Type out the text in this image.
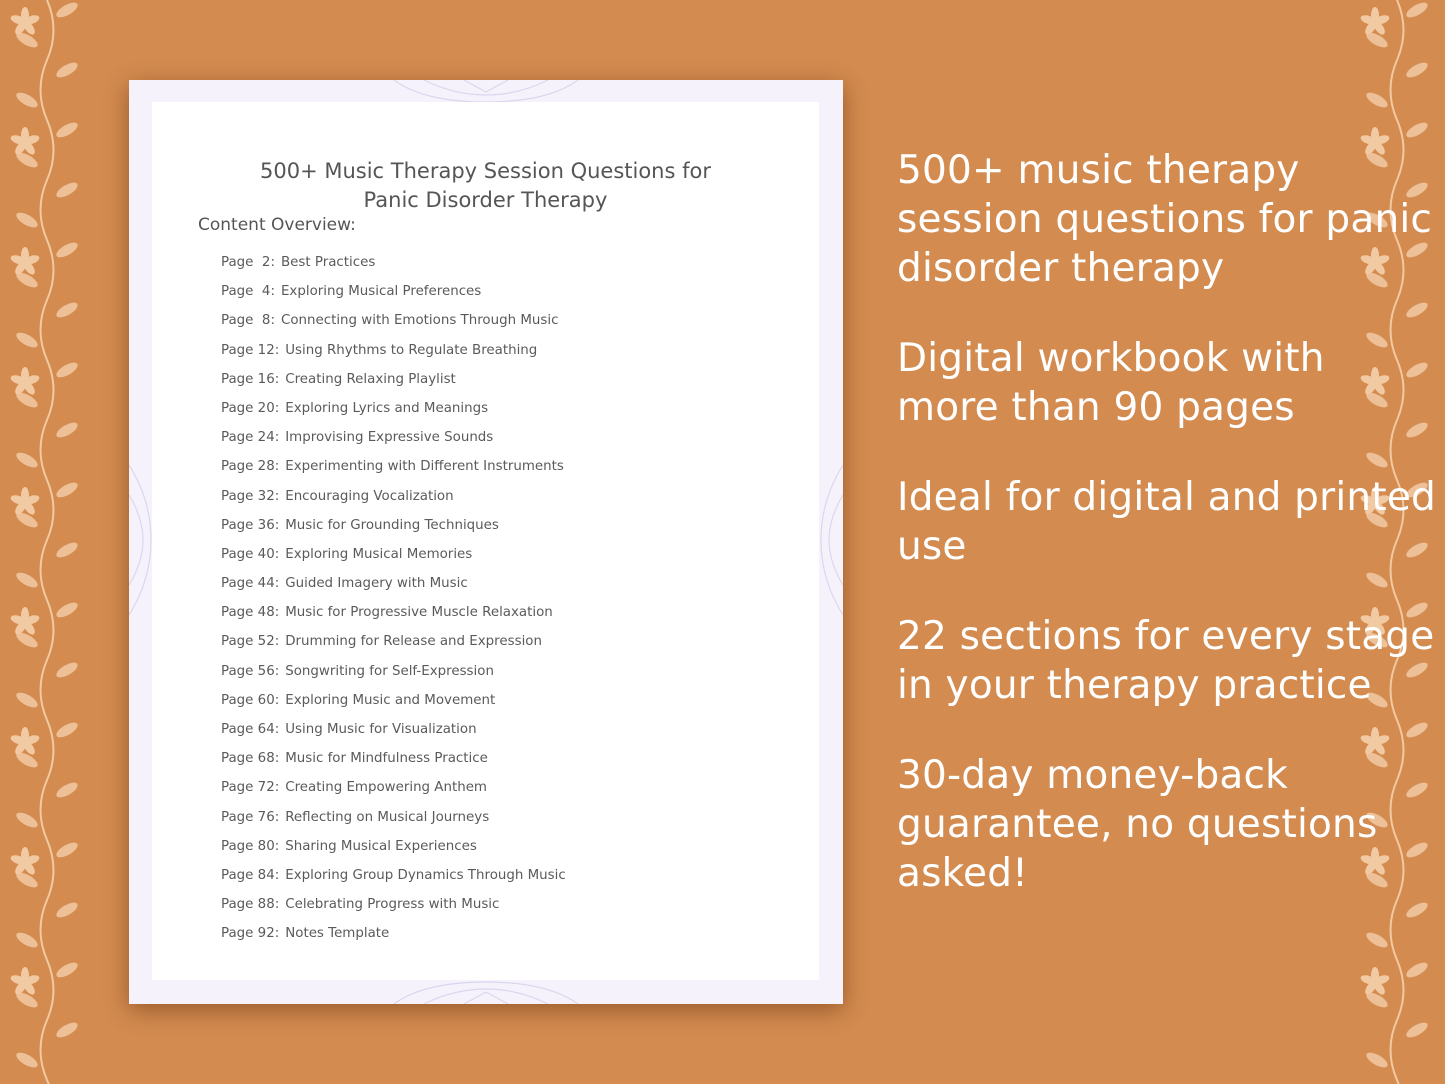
500+ Music Therapy Session Questions for
Panic Disorder Therapy
Content Overview:
Page  2: Best Practices
Page  4: Exploring Musical Preferences
Page  8: Connecting with Emotions Through Music
Page 12: Using Rhythms to Regulate Breathing
Page 16: Creating Relaxing Playlist
Page 20: Exploring Lyrics and Meanings
Page 24: Improvising Expressive Sounds
Page 28: Experimenting with Different Instruments
Page 32: Encouraging Vocalization
Page 36: Music for Grounding Techniques
Page 40: Exploring Musical Memories
Page 44: Guided Imagery with Music
Page 48: Music for Progressive Muscle Relaxation
Page 52: Drumming for Release and Expression
Page 56: Songwriting for Self-Expression
Page 60: Exploring Music and Movement
Page 64: Using Music for Visualization
Page 68: Music for Mindfulness Practice
Page 72: Creating Empowering Anthem
Page 76: Reflecting on Musical Journeys
Page 80: Sharing Musical Experiences
Page 84: Exploring Group Dynamics Through Music
Page 88: Celebrating Progress with Music
Page 92: Notes Template

500+ music therapy session questions for panic disorder therapy

Digital workbook with more than 90 pages

Ideal for digital and printed use

22 sections for every stage in your therapy practice

30-day money-back guarantee, no questions asked!
